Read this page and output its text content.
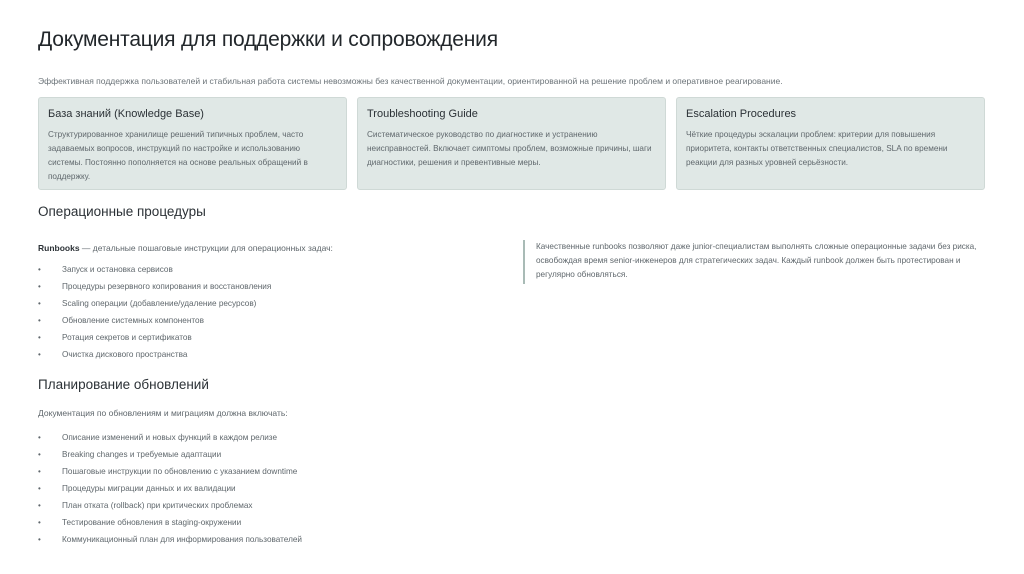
Документация для поддержки и сопровождения

Эффективная поддержка пользователей и стабильная работа системы невозможны без качественной документации, ориентированной на решение проблем и оперативное реагирование.

База знаний (Knowledge Base)

Структурированное хранилище решений типичных проблем, часто задаваемых вопросов, инструкций по настройке и использованию системы. Постоянно пополняется на основе реальных обращений в поддержку.

Troubleshooting Guide

Систематическое руководство по диагностике и устранению неисправностей. Включает симптомы проблем, возможные причины, шаги диагностики, решения и превентивные меры.

Escalation Procedures

Чёткие процедуры эскалации проблем: критерии для повышения приоритета, контакты ответственных специалистов, SLA по времени реакции для разных уровней серьёзности.

Операционные процедуры

Runbooks — детальные пошаговые инструкции для операционных задач:

•	Запуск и остановка сервисов
•	Процедуры резервного копирования и восстановления
•	Scaling операции (добавление/удаление ресурсов)
•	Обновление системных компонентов
•	Ротация секретов и сертификатов
•	Очистка дискового пространства

Качественные runbooks позволяют даже junior-специалистам выполнять сложные операционные задачи без риска, освобождая время senior-инженеров для стратегических задач. Каждый runbook должен быть протестирован и регулярно обновляться.

Планирование обновлений

Документация по обновлениям и миграциям должна включать:

•	Описание изменений и новых функций в каждом релизе
•	Breaking changes и требуемые адаптации
•	Пошаговые инструкции по обновлению с указанием downtime
•	Процедуры миграции данных и их валидации
•	План отката (rollback) при критических проблемах
•	Тестирование обновления в staging-окружении
•	Коммуникационный план для информирования пользователей
